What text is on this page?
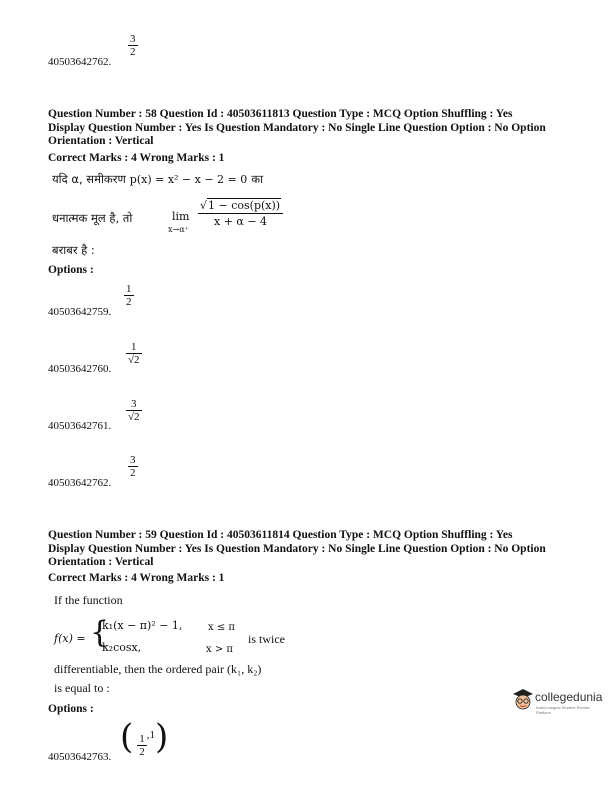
40503642762.
3
2
Question Number : 58 Question Id : 40503611813 Question Type : MCQ Option Shuffling : Yes
Display Question Number : Yes Is Question Mandatory : No Single Line Question Option : No Option
Orientation : Vertical
Correct Marks : 4 Wrong Marks : 1
यदि α, समीकरण p(x) = x² − x − 2 = 0 का
धनात्मक मूल है, तो	lim
x→α⁺
√1 − cos(p(x))
x + α − 4
बराबर है :
Options :
40503642759.
1
2
40503642760.
1
√2
40503642761.
3
√2
40503642762.
3
2
Question Number : 59 Question Id : 40503611814 Question Type : MCQ Option Shuffling : Yes
Display Question Number : Yes Is Question Mandatory : No Single Line Question Option : No Option
Orientation : Vertical
Correct Marks : 4 Wrong Marks : 1
If the function
f(x) = {
k₁(x − π)² − 1,	x ≤ π
k₂cosx,	x > π
is twice
differentiable, then the ordered pair (k₁, k₂)
is equal to :
Options :
40503642763. ( $\frac{1}{2} ^{,1}$)
collegedunia
India's largest Student Review Platform
